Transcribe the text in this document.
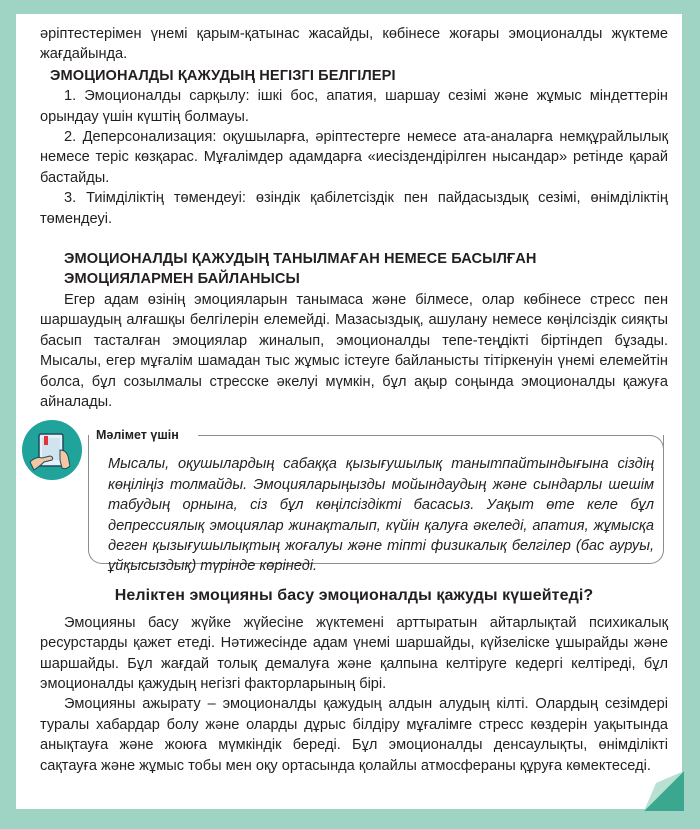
әріптестерімен үнемі қарым-қатынас жасайды, көбінесе жоғары эмоционалды жүктеме жағдайында.

ЭМОЦИОНАЛДЫ ҚАЖУДЫҢ НЕГІЗГІ БЕЛГІЛЕРІ

1. Эмоционалды сарқылу: ішкі бос, апатия, шаршау сезімі және жұмыс міндеттерін орындау үшін күштің болмауы.

2. Деперсонализация: оқушыларға, әріптестерге немесе ата-аналарға немқұрайлылық немесе теріс көзқарас. Мұғалімдер адамдарға «иесіздендірілген нысандар» ретінде қарай бастайды.

3. Тиімділіктің төмендеуі: өзіндік қабілетсіздік пен пайдасыздық сезімі, өнімділіктің төмендеуі.

ЭМОЦИОНАЛДЫ ҚАЖУДЫҢ ТАНЫЛМАҒАН НЕМЕСЕ БАСЫЛҒАН ЭМОЦИЯЛАРМЕН БАЙЛАНЫСЫ

Егер адам өзінің эмоцияларын танымаса және білмесе, олар көбінесе стресс пен шаршаудың алғашқы белгілерін елемейді. Мазасыздық, ашулану немесе көңілсіздік сияқты басып тасталған эмоциялар жиналып, эмоционалды тепе-теңдікті біртіндеп бұзады. Мысалы, егер мұғалім шамадан тыс жұмыс істеуге байланысты тітіркенуін үнемі елемейтін болса, бұл созылмалы стресске әкелуі мүмкін, бұл ақыр соңында эмоционалды қажуға айналады.

Мәлімет үшін
Мысалы, оқушылардың сабаққа қызығушылық танытпайтындығына сіздің көңіліңіз толмайды. Эмоцияларыңызды мойындаудың және сындарлы шешім табудың орнына, сіз бұл көңілсіздікті басасыз. Уақыт өте келе бұл депрессиялық эмоциялар жинақталып, күйін қалуға әкеледі, апатия, жұмысқа деген қызығушылықтың жоғалуы және тіпті физикалық белгілер (бас ауруы, ұйқысыздық) түрінде көрінеді.
Неліктен эмоцияны басу эмоционалды қажуды күшейтеді?

Эмоцияны басу жүйке жүйесіне жүктемені арттыратын айтарлықтай психикалық ресурстарды қажет етеді. Нәтижесінде адам үнемі шаршайды, күйзеліске ұшырайды және шаршайды. Бұл жағдай толық демалуға және қалпына келтіруге кедергі келтіреді, бұл эмоционалды қажудың негізгі факторларының бірі.

Эмоцияны ажырату – эмоционалды қажудың алдын алудың кілті. Олардың сезімдері туралы хабардар болу және оларды дұрыс білдіру мұғалімге стресс көздерін уақытында анықтауға және жоюға мүмкіндік береді. Бұл эмоционалды денсаулықты, өнімділікті сақтауға және жұмыс тобы мен оқу ортасында қолайлы атмосфераны құруға көмектеседі.
